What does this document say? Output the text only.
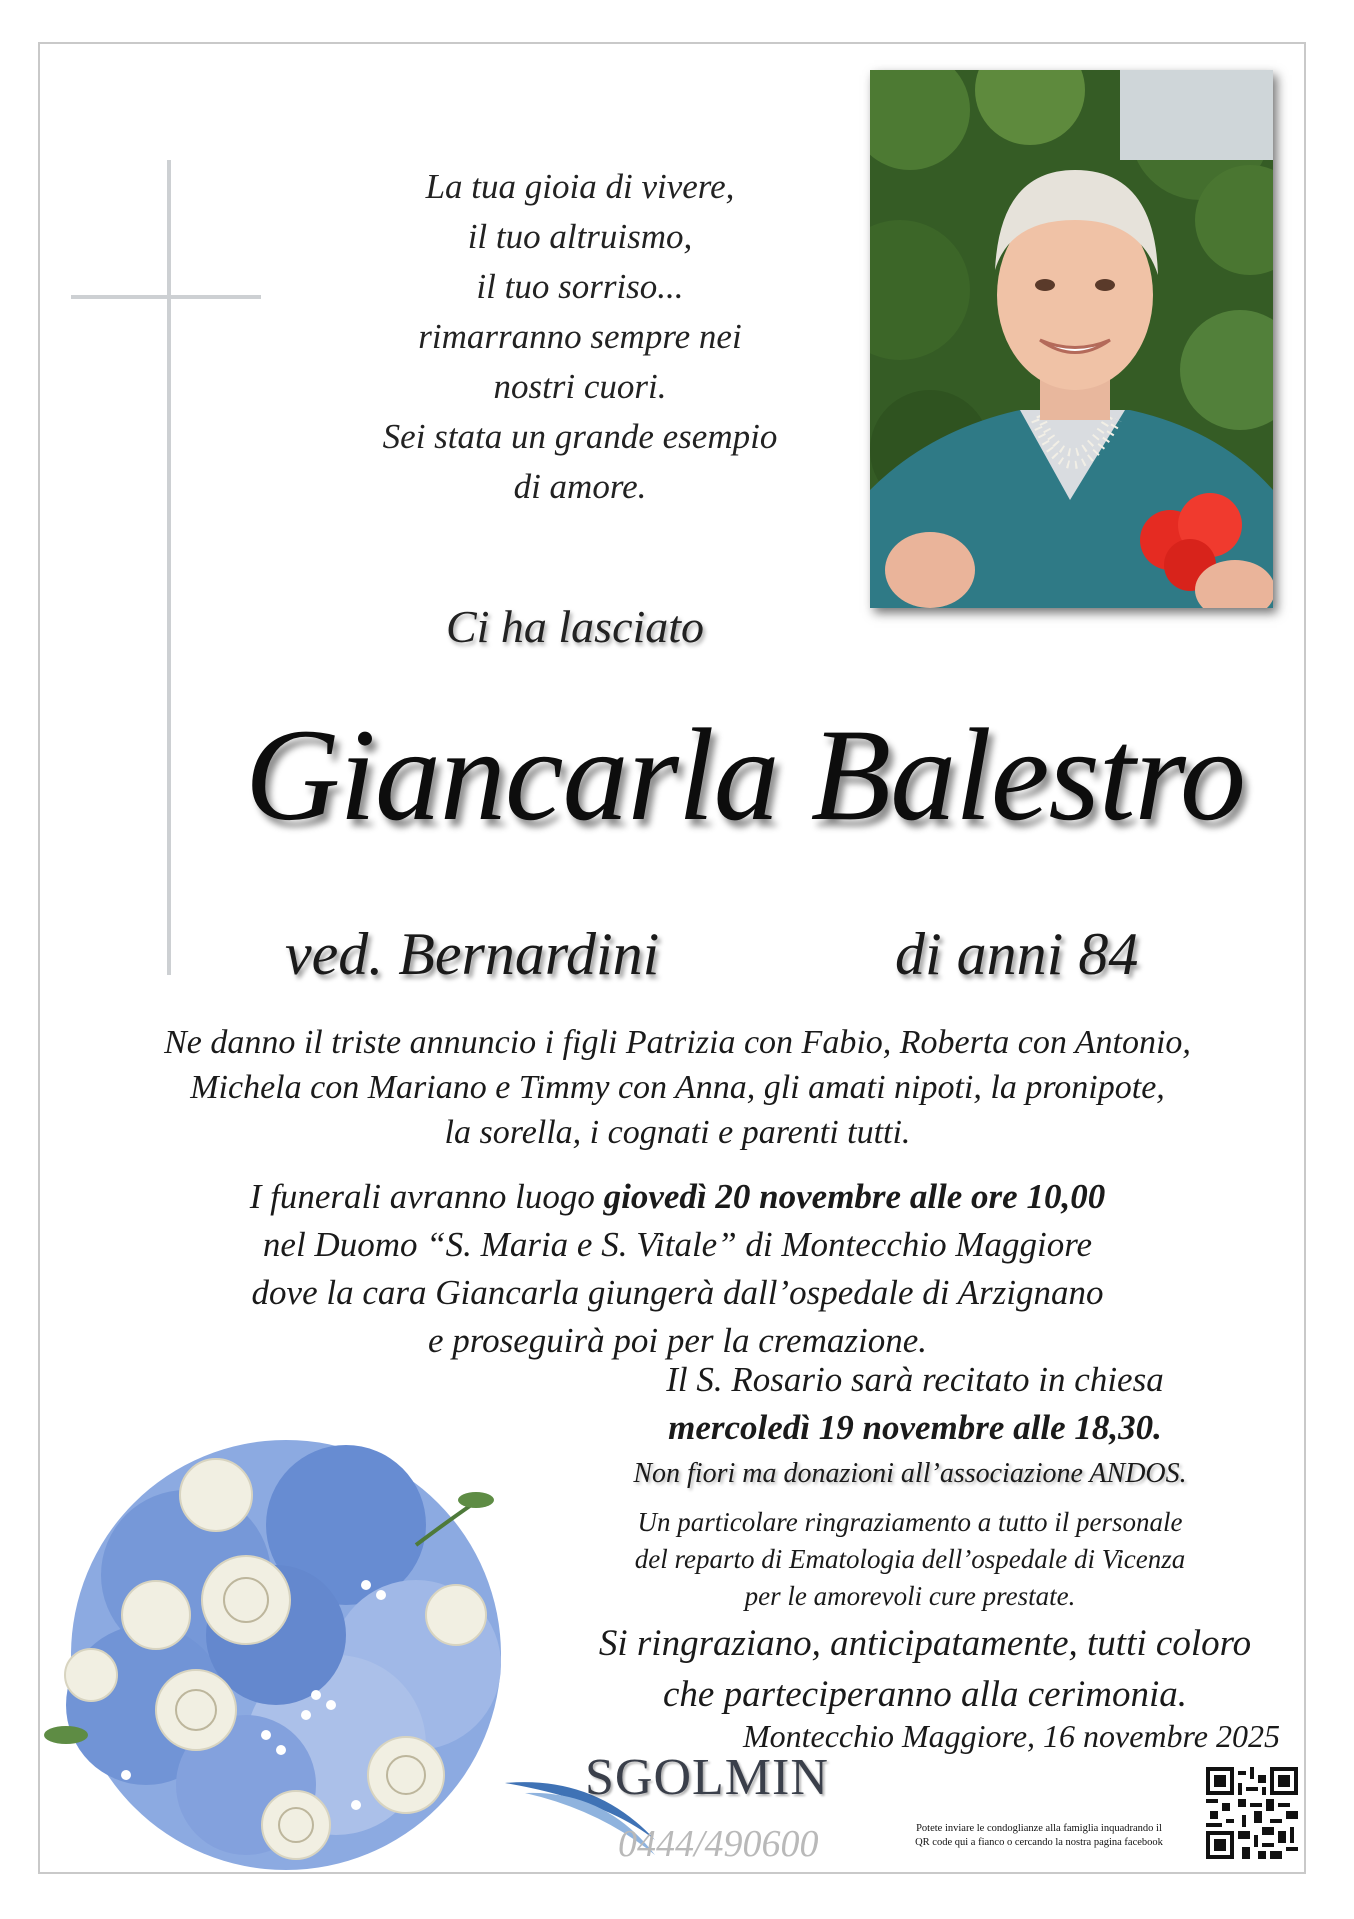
La tua gioia di vivere,
il tuo altruismo,
il tuo sorriso...
rimarranno sempre nei
nostri cuori.
Sei stata un grande esempio
di amore.
Ci ha lasciato
Giancarla Balestro
ved. Bernardini	di anni 84
Ne danno il triste annuncio i figli Patrizia con Fabio, Roberta con Antonio,
Michela con Mariano e Timmy con Anna, gli amati nipoti, la pronipote,
la sorella, i cognati e parenti tutti.
I funerali avranno luogo giovedì 20 novembre alle ore 10,00
nel Duomo “S. Maria e S. Vitale” di Montecchio Maggiore
dove la cara Giancarla giungerà dall’ospedale di Arzignano
e proseguirà poi per la cremazione.
Il S. Rosario sarà recitato in chiesa
mercoledì 19 novembre alle 18,30.
Non fiori ma donazioni all’associazione ANDOS.
Un particolare ringraziamento a tutto il personale
del reparto di Ematologia dell’ospedale di Vicenza
per le amorevoli cure prestate.
Si ringraziano, anticipatamente, tutti coloro
che parteciperanno alla cerimonia.
Montecchio Maggiore, 16 novembre 2025
SGOLMIN
0444/490600	Potete inviare le condoglianze alla famiglia inquadrando il
QR code qui a fianco o cercando la nostra pagina facebook
